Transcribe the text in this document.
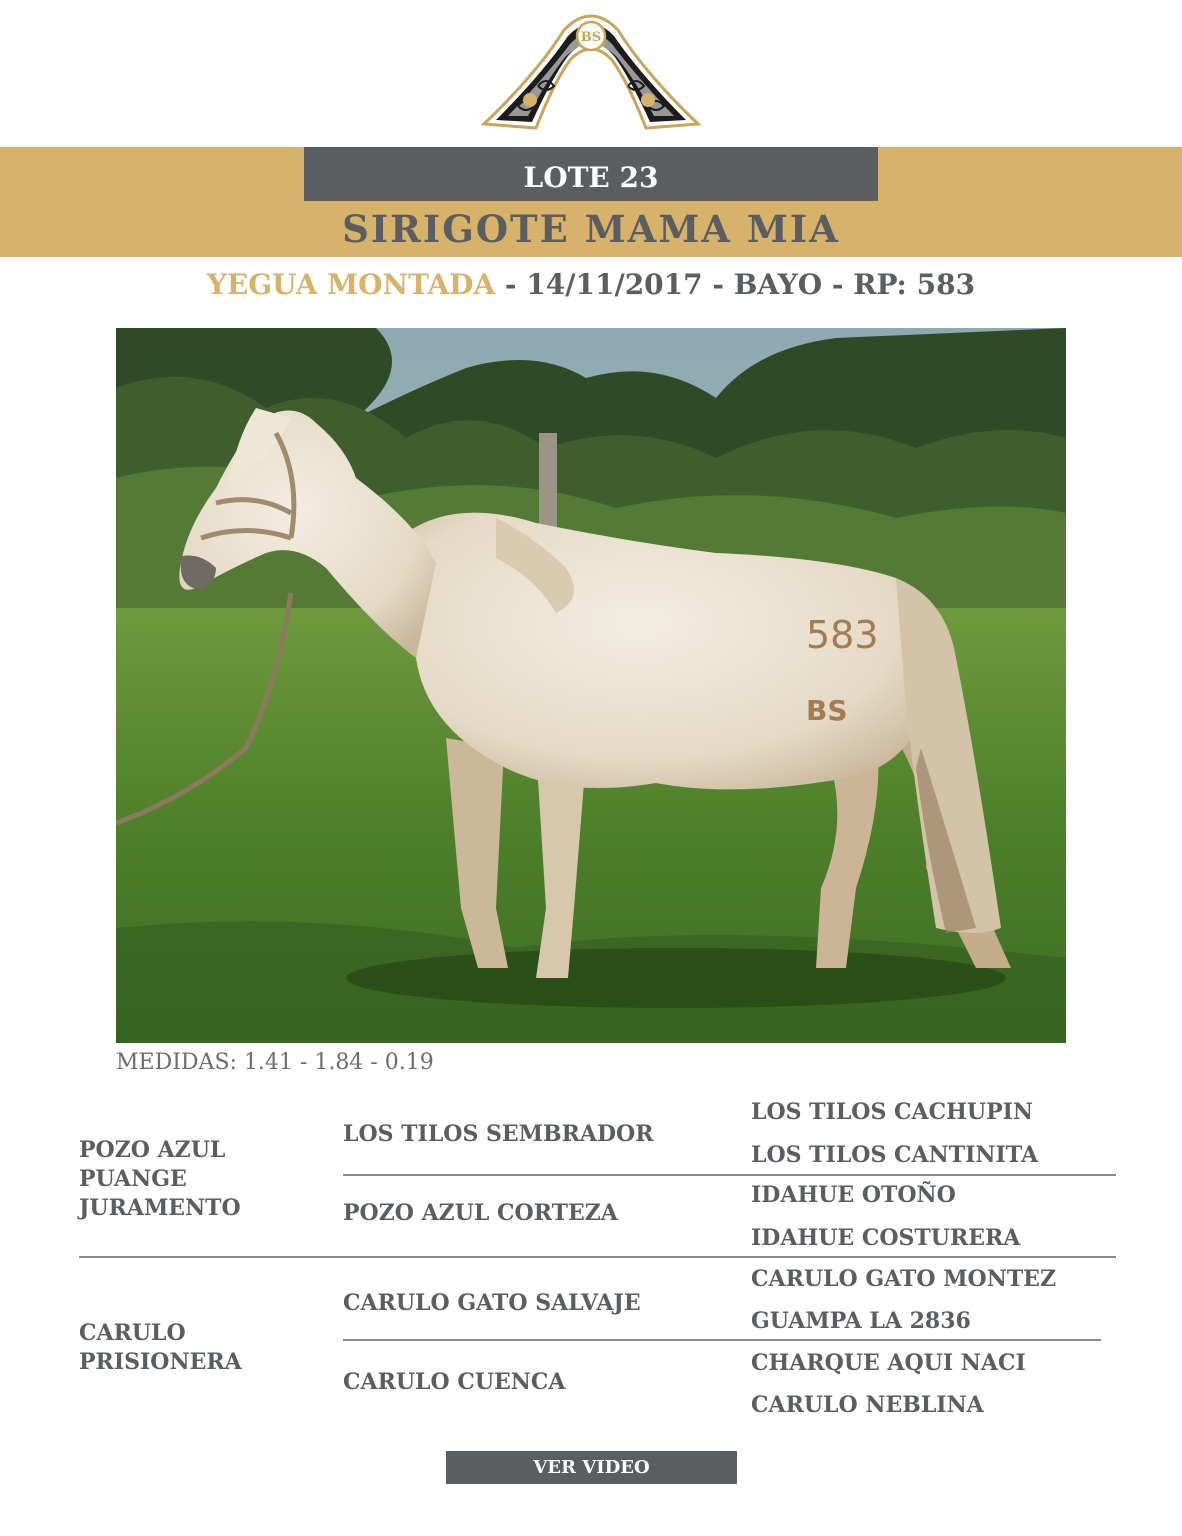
BS
LOTE 23
SIRIGOTE MAMA MIA
YEGUA MONTADA - 14/11/2017 - BAYO - RP: 583
583
BS
MEDIDAS: 1.41 - 1.84 - 0.19
POZO AZUL PUANGE JURAMENTO
CARULO PRISIONERA
LOS TILOS SEMBRADOR
POZO AZUL CORTEZA
CARULO GATO SALVAJE
CARULO CUENCA
LOS TILOS CACHUPIN
LOS TILOS CANTINITA
IDAHUE OTOÑO
IDAHUE COSTURERA
CARULO GATO MONTEZ
GUAMPA LA 2836
CHARQUE AQUI NACI
CARULO NEBLINA
VER VIDEO
